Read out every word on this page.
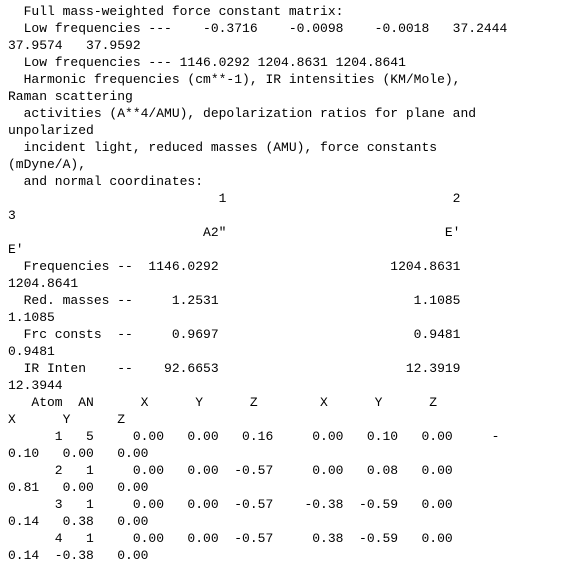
Full mass-weighted force constant matrix:
Low frequencies ---    -0.3716    -0.0098    -0.0018   37.2444
37.9574   37.9592
Low frequencies --- 1146.0292 1204.8631 1204.8641
Harmonic frequencies (cm**-1), IR intensities (KM/Mole),
Raman scattering
activities (A**4/AMU), depolarization ratios for plane and
unpolarized
incident light, reduced masses (AMU), force constants
(mDyne/A),
and normal coordinates:
1                             2
3
A2"                            E'
E'
Frequencies --  1146.0292                      1204.8631
1204.8641
Red. masses --     1.2531                         1.1085
1.1085
Frc consts  --     0.9697                         0.9481
0.9481
IR Inten    --    92.6653                        12.3919
12.3944
Atom  AN      X      Y      Z        X      Y      Z
X      Y      Z
1   5     0.00   0.00   0.16     0.00   0.10   0.00     -
0.10   0.00   0.00
2   1     0.00   0.00  -0.57     0.00   0.08   0.00
0.81   0.00   0.00
3   1     0.00   0.00  -0.57    -0.38  -0.59   0.00
0.14   0.38   0.00
4   1     0.00   0.00  -0.57     0.38  -0.59   0.00
0.14  -0.38   0.00
